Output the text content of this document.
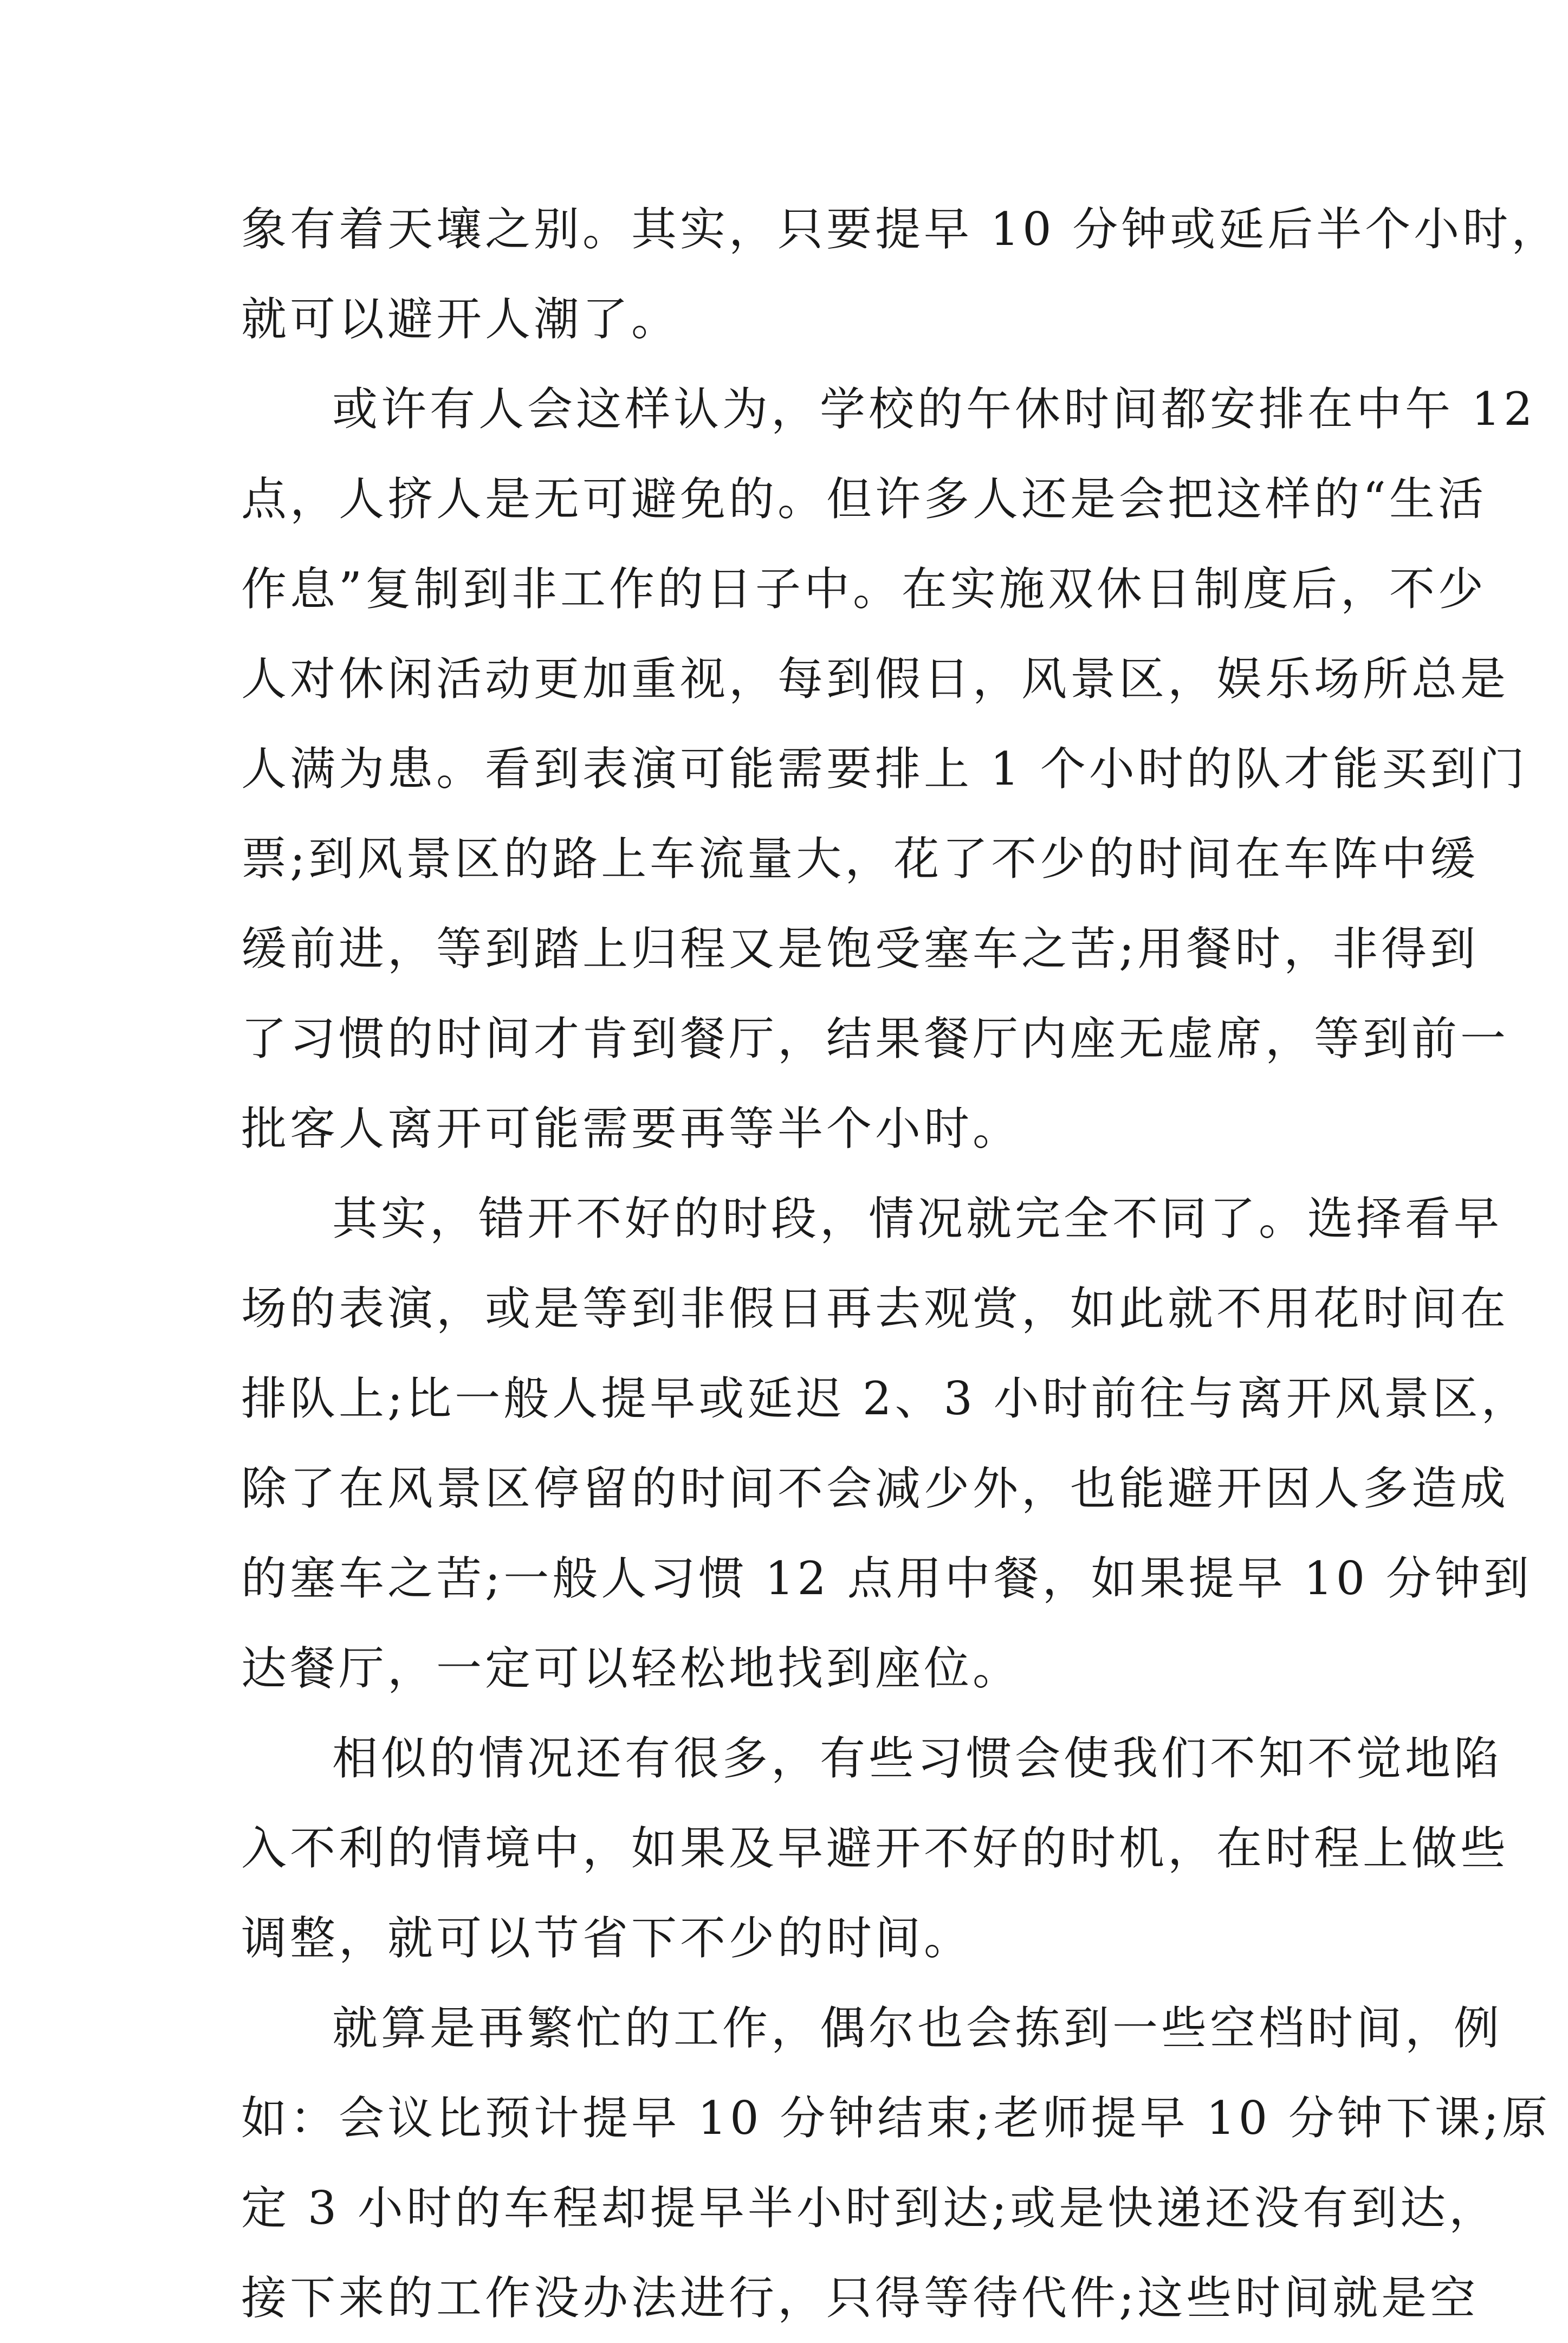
象有着天壤之别。其实，只要提早 10 分钟或延后半个小时，
就可以避开人潮了。
或许有人会这样认为，学校的午休时间都安排在中午 12
点，人挤人是无可避免的。但许多人还是会把这样的“生活
作息”复制到非工作的日子中。在实施双休日制度后，不少
人对休闲活动更加重视，每到假日，风景区，娱乐场所总是
人满为患。看到表演可能需要排上 1 个小时的队才能买到门
票;到风景区的路上车流量大，花了不少的时间在车阵中缓
缓前进，等到踏上归程又是饱受塞车之苦;用餐时，非得到
了习惯的时间才肯到餐厅，结果餐厅内座无虚席，等到前一
批客人离开可能需要再等半个小时。
其实，错开不好的时段，情况就完全不同了。选择看早
场的表演，或是等到非假日再去观赏，如此就不用花时间在
排队上;比一般人提早或延迟 2、3 小时前往与离开风景区，
除了在风景区停留的时间不会减少外，也能避开因人多造成
的塞车之苦;一般人习惯 12 点用中餐，如果提早 10 分钟到
达餐厅，一定可以轻松地找到座位。
相似的情况还有很多，有些习惯会使我们不知不觉地陷
入不利的情境中，如果及早避开不好的时机，在时程上做些
调整，就可以节省下不少的时间。
就算是再繁忙的工作，偶尔也会拣到一些空档时间，例
如：会议比预计提早 10 分钟结束;老师提早 10 分钟下课;原
定 3 小时的车程却提早半小时到达;或是快递还没有到达，
接下来的工作没办法进行，只得等待代件;这些时间就是空
